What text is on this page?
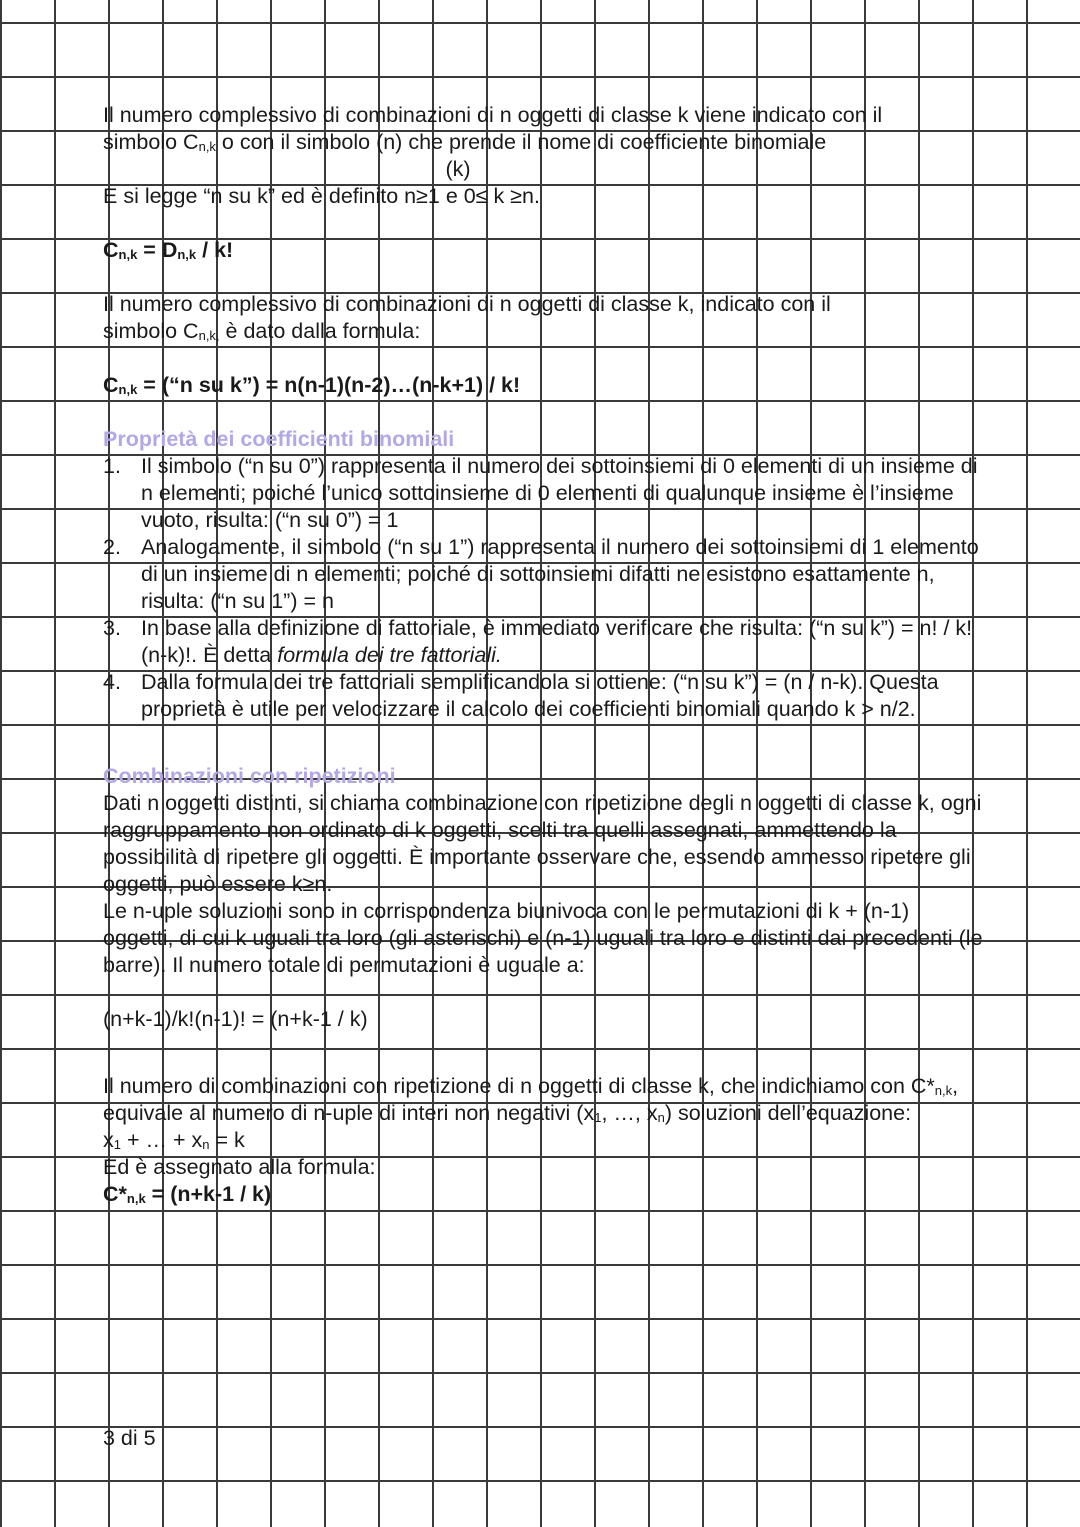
Il numero complessivo di combinazioni di n oggetti di classe k viene indicato con il

simbolo $C_{n,k}$ o con il simbolo (n) che prende il nome di coefficiente binomiale

(k)

E si legge “n su k” ed è definito n≥1 e 0≤ k ≥n.

$C_{n,k} = D_{n,k} / k$!

Il numero complessivo di combinazioni di n oggetti di classe k, indicato con il

simbolo $C_{n,k,}$ è dato dalla formula:

$C_{n,k}$ = (“n su k”) = n(n-1)(n-2)…(n-k+1) / k!

Proprietà dei coefficienti binomiali

1. Il simbolo (“n su 0”) rappresenta il numero dei sottoinsiemi di 0 elementi di un insieme di n elementi; poiché l’unico sottoinsieme di 0 elementi di qualunque insieme è l’insieme vuoto, risulta: (“n su 0”) = 1
2. Analogamente, il simbolo (“n su 1”) rappresenta il numero dei sottoinsiemi di 1 elemento di un insieme di n elementi; poiché di sottoinsiemi difatti ne esistono esattamente n, risulta: (“n su 1”) = n
3. In base alla definizione di fattoriale, è immediato verificare che risulta: (“n su k”) = n! / k!(n-k)!. È detta formula dei tre fattoriali.
4. Dalla formula dei tre fattoriali semplificandola si ottiene: (“n su k”) = (n / n-k). Questa proprietà è utile per velocizzare il calcolo dei coefficienti binomiali quando k > n/2.

Combinazioni con ripetizioni

Dati n oggetti distinti, si chiama combinazione con ripetizione degli n oggetti di classe k, ogni raggruppamento non ordinato di k oggetti, scelti tra quelli assegnati, ammettendo la possibilità di ripetere gli oggetti. È importante osservare che, essendo ammesso ripetere gli oggetti, può essere k≥n.

Le n-uple soluzioni sono in corrispondenza biunivoca con le permutazioni di k + (n-1) oggetti, di cui k uguali tra loro (gli asterischi) e (n-1) uguali tra loro e distinti dai precedenti (le barre). Il numero totale di permutazioni è uguale a:

(n+k-1)/k!(n-1)! = (n+k-1 / k)

Il numero di combinazioni con ripetizione di n oggetti di classe k, che indichiamo con $C*_{n,k}$, equivale al numero di n-uple di interi non negativi ($x_1$, …, $x_n$) soluzioni dell’equazione:

$x_1$ + … + $x_n = k$

Ed è assegnato alla formula:

$C*_{n,k} = (n+k-1 / k)$

3 di 5
